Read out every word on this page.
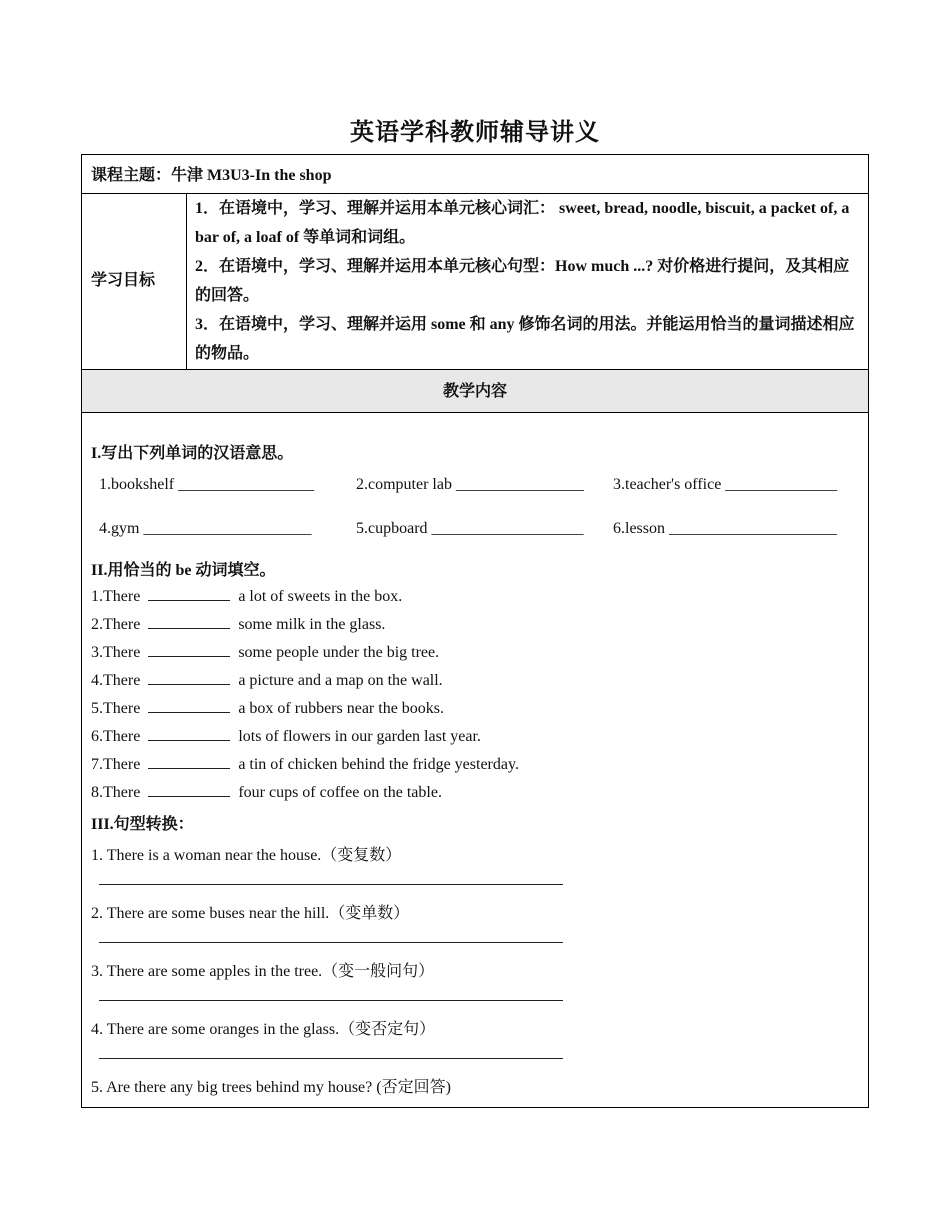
英语学科教师辅导讲义
课程主题：牛津 M3U3-In the shop
学习目标

1．在语境中，学习、理解并运用本单元核心词汇： sweet, bread, noodle, biscuit, a packet of, a bar of, a loaf of 等单词和词组。

2．在语境中，学习、理解并运用本单元核心句型：How much ...? 对价格进行提问，及其相应的回答。

3．在语境中，学习、理解并运用 some 和 any 修饰名词的用法。并能运用恰当的量词描述相应的物品。

教学内容
I.写出下列单词的汉语意思。
1.bookshelf _________________	2.computer lab ________________ 3.teacher's office ______________
4.gym _____________________	5.cupboard ___________________ 6.lesson _____________________
II.用恰当的 be 动词填空。
1.There	a lot of sweets in the box.
2.There	some milk in the glass.
3.There	some people under the big tree.
4.There	a picture and a map on the wall.
5.There	a box of rubbers near the books.
6.There	lots of flowers in our garden last year.
7.There	a tin of chicken behind the fridge yesterday.
8.There	four cups of coffee on the table.
III.句型转换：
1. There is a woman near the house.（变复数）
2. There are some buses near the hill.（变单数）
3. There are some apples in the tree.（变一般问句）
4. There are some oranges in the glass.（变否定句）
5. Are there any big trees behind my house? (否定回答)
